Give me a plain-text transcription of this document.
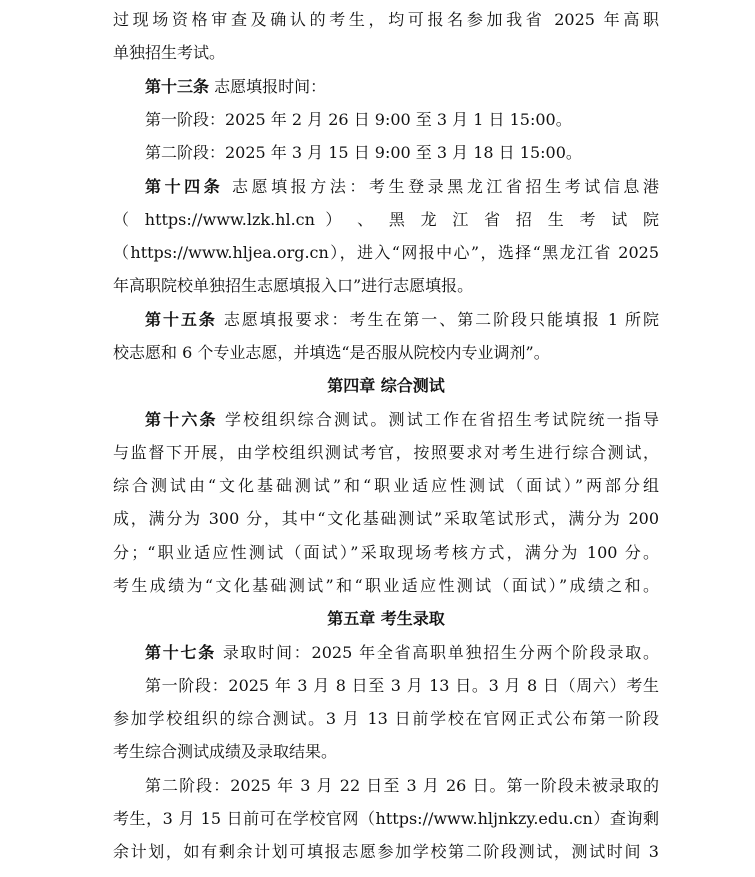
过现场资格审查及确认的考生，均可报名参加我省 2025 年高职
单独招生考试。
第十三条 志愿填报时间：
第一阶段：2025 年 2 月 26 日 9:00 至 3 月 1 日 15:00。
第二阶段：2025 年 3 月 15 日 9:00 至 3 月 18 日 15:00。
第十四条 志愿填报方法：考生登录黑龙江省招生考试信息港
（ https://www.lzk.hl.cn ） 、 黑 龙 江 省 招 生 考 试 院
（https://www.hljea.org.cn），进入“网报中心”，选择“黑龙江省 2025
年高职院校单独招生志愿填报入口”进行志愿填报。
第十五条 志愿填报要求：考生在第一、第二阶段只能填报 1 所院
校志愿和 6 个专业志愿，并填选“是否服从院校内专业调剂”。
第四章 综合测试
第十六条 学校组织综合测试。测试工作在省招生考试院统一指导
与监督下开展，由学校组织测试考官，按照要求对考生进行综合测试，
综合测试由“文化基础测试”和“职业适应性测试（面试）”两部分组
成，满分为 300 分，其中“文化基础测试”采取笔试形式，满分为 200
分；“职业适应性测试（面试）”采取现场考核方式，满分为 100 分。
考生成绩为“文化基础测试”和“职业适应性测试（面试）”成绩之和。
第五章 考生录取
第十七条 录取时间：2025 年全省高职单独招生分两个阶段录取。
第一阶段：2025 年 3 月 8 日至 3 月 13 日。3 月 8 日（周六）考生
参加学校组织的综合测试。3 月 13 日前学校在官网正式公布第一阶段
考生综合测试成绩及录取结果。
第二阶段：2025 年 3 月 22 日至 3 月 26 日。第一阶段未被录取的
考生，3 月 15 日前可在学校官网（https://www.hljnkzy.edu.cn）查询剩
余计划，如有剩余计划可填报志愿参加学校第二阶段测试，测试时间 3
